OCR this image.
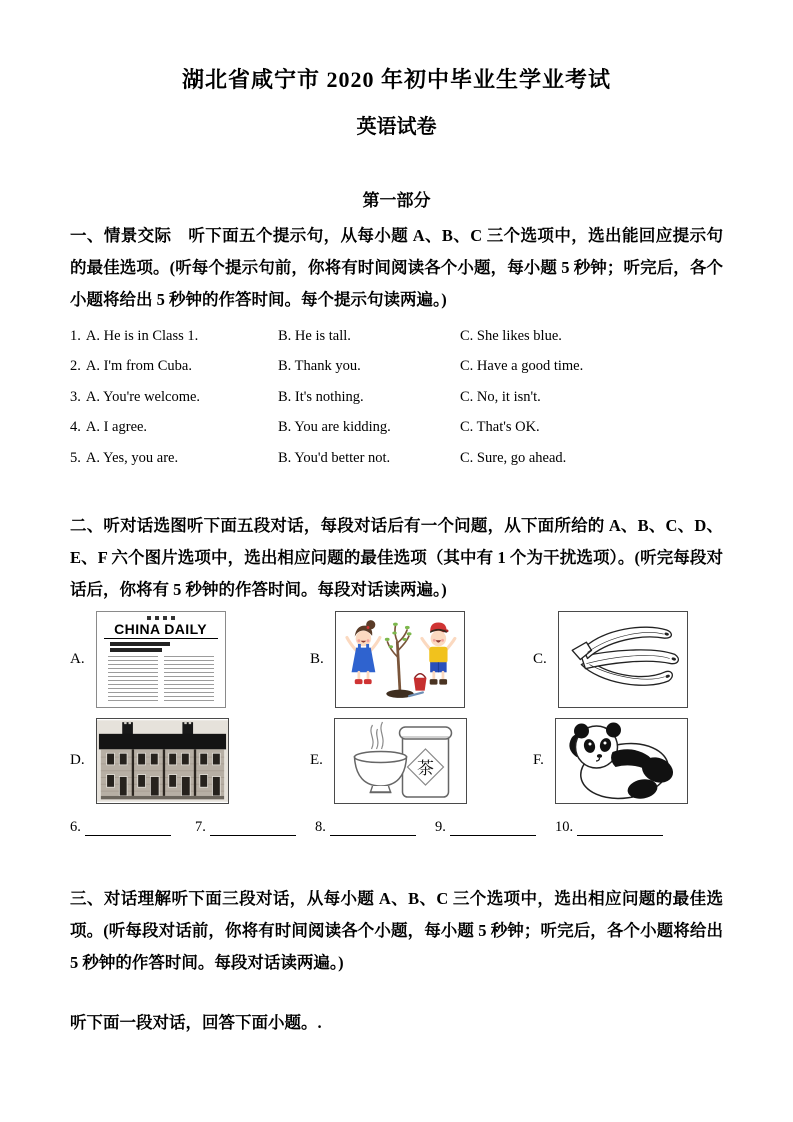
湖北省咸宁市 2020 年初中毕业生学业考试
英语试卷
第一部分
一、情景交际　听下面五个提示句，从每小题 A、B、C 三个选项中，选出能回应提示句的最佳选项。(听每个提示句前，你将有时间阅读各个小题，每小题 5 秒钟；听完后，各个小题将给出 5 秒钟的作答时间。每个提示句读两遍。)
1. A. He is in Class 1.	B. He is tall.	C. She likes blue.
2. A. I'm from Cuba.	B. Thank you.	C. Have a good time.
3. A. You're welcome.	B. It's nothing.	C. No, it isn't.
4. A. I agree.	B. You are kidding.	C. That's OK.
5. A. Yes, you are.	B. You'd better not.	C. Sure, go ahead.
二、听对话选图听下面五段对话，每段对话后有一个问题，从下面所给的 A、B、C、D、E、F 六个图片选项中，选出相应问题的最佳选项（其中有 1 个为干扰选项）。(听完每段对话后，你将有 5 秒钟的作答时间。每段对话读两遍。)
A.
CHINA DAILY
B.	C.
D.	E.	茶	F.
6.	7.	8.	9.	10.
三、对话理解听下面三段对话，从每小题 A、B、C 三个选项中，选出相应问题的最佳选项。(听每段对话前，你将有时间阅读各个小题，每小题 5 秒钟；听完后，各个小题将给出 5 秒钟的作答时间。每段对话读两遍。)
听下面一段对话，回答下面小题。.
